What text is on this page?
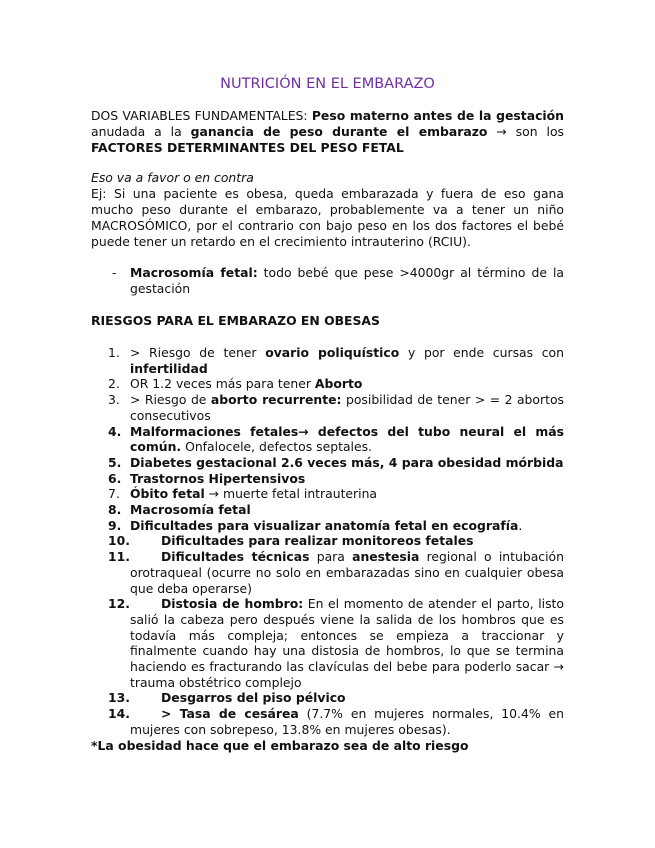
NUTRICIÓN EN EL EMBARAZO

DOS VARIABLES FUNDAMENTALES: Peso materno antes de la gestación anudada a la ganancia de peso durante el embarazo → son los FACTORES DETERMINANTES DEL PESO FETAL

Eso va a favor o en contra

Ej: Si una paciente es obesa, queda embarazada y fuera de eso gana mucho peso durante el embarazo, probablemente va a tener un niño MACROSÓMICO, por el contrario con bajo peso en los dos factores el bebé puede tener un retardo en el crecimiento intrauterino (RCIU).

- Macrosomía fetal: todo bebé que pese >4000gr al término de la gestación

RIESGOS PARA EL EMBARAZO EN OBESAS
1. > Riesgo de tener ovario poliquístico y por ende cursas con infertilidad
2. OR 1.2 veces más para tener Aborto
3. > Riesgo de aborto recurrente: posibilidad de tener > = 2 abortos consecutivos
4. Malformaciones fetales→ defectos del tubo neural el más común. Onfalocele, defectos septales.
5. Diabetes gestacional 2.6 veces más, 4 para obesidad mórbida
6. Trastornos Hipertensivos
7. Óbito fetal → muerte fetal intrauterina
8. Macrosomía fetal
9. Dificultades para visualizar anatomía fetal en ecografía.
10.	Dificultades para realizar monitoreos fetales
11.	Dificultades técnicas para anestesia regional o intubación orotraqueal (ocurre no solo en embarazadas sino en cualquier obesa que deba operarse)
12.	Distosia de hombro: En el momento de atender el parto, listo salió la cabeza pero después viene la salida de los hombros que es todavía más compleja; entonces se empieza a traccionar y finalmente cuando hay una distosia de hombros, lo que se termina haciendo es fracturando las clavículas del bebe para poderlo sacar → trauma obstétrico complejo
13.	Desgarros del piso pélvico
14.	> Tasa de cesárea (7.7% en mujeres normales, 10.4% en mujeres con sobrepeso, 13.8% en mujeres obesas).
*La obesidad hace que el embarazo sea de alto riesgo
